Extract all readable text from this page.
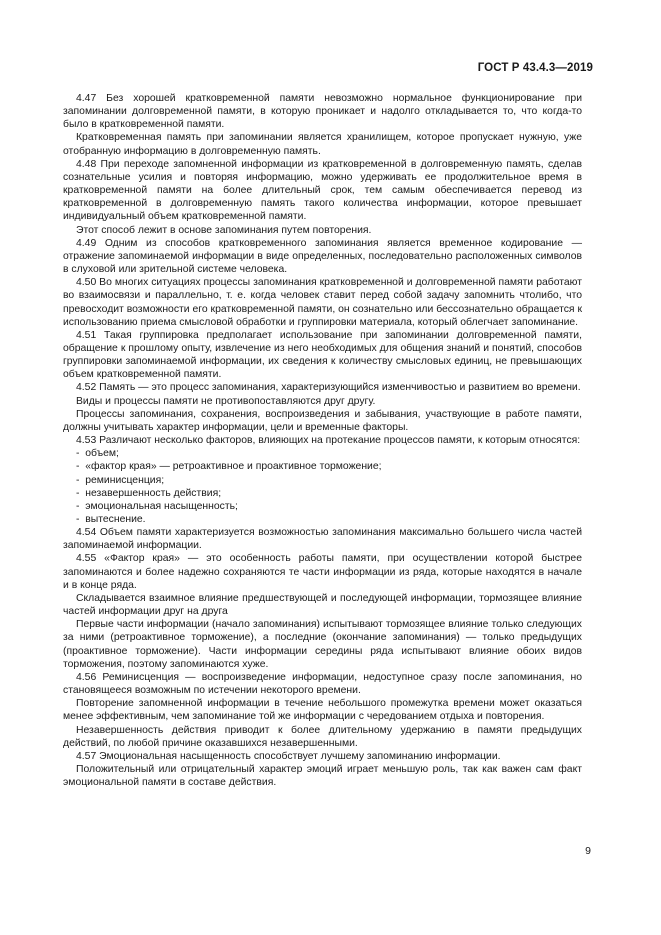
ГОСТ Р 43.4.3—2019

4.47 Без хорошей кратковременной памяти невозможно нормальное функционирование при запоминании долговременной памяти, в которую проникает и надолго откладывается то, что когда-то было в кратковременной памяти.

Кратковременная память при запоминании является хранилищем, которое пропускает нужную, уже отобранную информацию в долговременную память.

4.48 При переходе запомненной информации из кратковременной в долговременную память, сделав сознательные усилия и повторяя информацию, можно удерживать ее продолжительное время в кратковременной памяти на более длительный срок, тем самым обеспечивается перевод из кратковременной в долговременную память такого количества информации, которое превышает индивидуальный объем кратковременной памяти.

Этот способ лежит в основе запоминания путем повторения.

4.49 Одним из способов кратковременного запоминания является временное кодирование — отражение запоминаемой информации в виде определенных, последовательно расположенных символов в слуховой или зрительной системе человека.

4.50 Во многих ситуациях процессы запоминания кратковременной и долговременной памяти работают во взаимосвязи и параллельно, т. е. когда человек ставит перед собой задачу запомнить чтолибо, что превосходит возможности его кратковременной памяти, он сознательно или бессознательно обращается к использованию приема смысловой обработки и группировки материала, который облегчает запоминание.

4.51 Такая группировка предполагает использование при запоминании долговременной памяти, обращение к прошлому опыту, извлечение из него необходимых для общения знаний и понятий, способов группировки запоминаемой информации, их сведения к количеству смысловых единиц, не превышающих объем кратковременной памяти.

4.52 Память — это процесс запоминания, характеризующийся изменчивостью и развитием во времени.

Виды и процессы памяти не противопоставляются друг другу.

Процессы запоминания, сохранения, воспроизведения и забывания, участвующие в работе памяти, должны учитывать характер информации, цели и временные факторы.

4.53 Различают несколько факторов, влияющих на протекание процессов памяти, к которым относятся:

-  объем;
-  «фактор края» — ретроактивное и проактивное торможение;
-  реминисценция;
-  незавершенность действия;
-  эмоциональная насыщенность;
-  вытеснение.

4.54 Объем памяти характеризуется возможностью запоминания максимально большего числа частей запоминаемой информации.

4.55 «Фактор края» — это особенность работы памяти, при осуществлении которой быстрее запоминаются и более надежно сохраняются те части информации из ряда, которые находятся в начале и в конце ряда.

Складывается взаимное влияние предшествующей и последующей информации, тормозящее влияние частей информации друг на друга

Первые части информации (начало запоминания) испытывают тормозящее влияние только следующих за ними (ретроактивное торможение), а последние (окончание запоминания) — только предыдущих (проактивное торможение). Части информации середины ряда испытывают влияние обоих видов торможения, поэтому запоминаются хуже.

4.56 Реминисценция — воспроизведение информации, недоступное сразу после запоминания, но становящееся возможным по истечении некоторого времени.

Повторение запомненной информации в течение небольшого промежутка времени может оказаться менее эффективным, чем запоминание той же информации с чередованием отдыха и повторения.

Незавершенность действия приводит к более длительному удержанию в памяти предыдущих действий, по любой причине оказавшихся незавершенными.

4.57 Эмоциональная насыщенность способствует лучшему запоминанию информации.

Положительный или отрицательный характер эмоций играет меньшую роль, так как важен сам факт эмоциональной памяти в составе действия.

9
